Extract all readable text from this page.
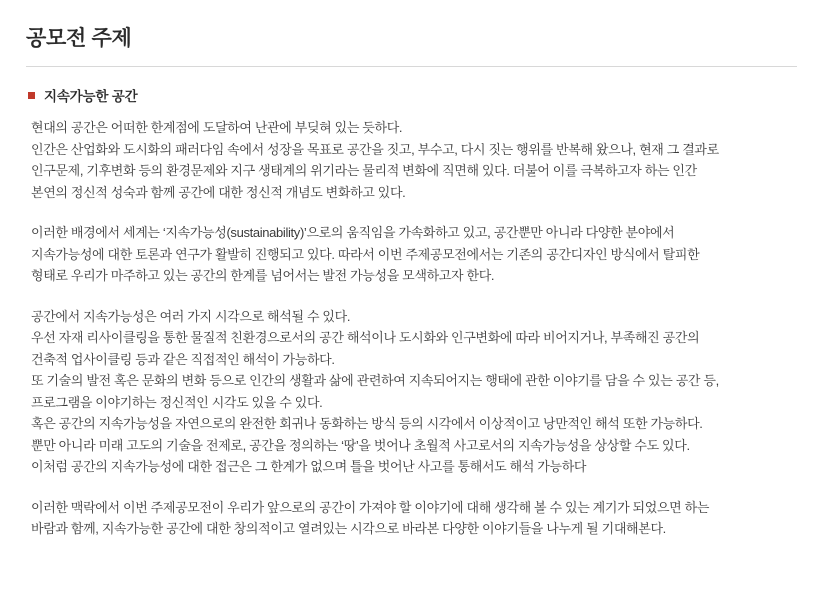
공모전 주제
지속가능한 공간
현대의 공간은 어떠한 한계점에 도달하여 난관에 부딪혀 있는 듯하다.
인간은 산업화와 도시화의 패러다임 속에서 성장을 목표로 공간을 짓고, 부수고, 다시 짓는 행위를 반복해 왔으나, 현재 그 결과로
인구문제, 기후변화 등의 환경문제와 지구 생태계의 위기라는 물리적 변화에 직면해 있다. 더불어 이를 극복하고자 하는 인간
본연의 정신적 성숙과 함께 공간에 대한 정신적 개념도 변화하고 있다.
이러한 배경에서 세계는 ‘지속가능성(sustainability)’으로의 움직임을 가속화하고 있고, 공간뿐만 아니라 다양한 분야에서
지속가능성에 대한 토론과 연구가 활발히 진행되고 있다. 따라서 이번 주제공모전에서는 기존의 공간디자인 방식에서 탈피한
형태로 우리가 마주하고 있는 공간의 한계를 넘어서는 발전 가능성을 모색하고자 한다.
공간에서 지속가능성은 여러 가지 시각으로 해석될 수 있다.
우선 자재 리사이클링을 통한 물질적 친환경으로서의 공간 해석이나 도시화와 인구변화에 따라 비어지거나, 부족해진 공간의
건축적 업사이클링 등과 같은 직접적인 해석이 가능하다.
또 기술의 발전 혹은 문화의 변화 등으로 인간의 생활과 삶에 관련하여 지속되어지는 행태에 관한 이야기를 담을 수 있는 공간 등,
프로그램을 이야기하는 정신적인 시각도 있을 수 있다.
혹은 공간의 지속가능성을 자연으로의 완전한 회귀나 동화하는 방식 등의 시각에서 이상적이고 낭만적인 해석 또한 가능하다.
뿐만 아니라 미래 고도의 기술을 전제로, 공간을 정의하는 ‘땅’을 벗어나 초월적 사고로서의 지속가능성을 상상할 수도 있다.
이처럼 공간의 지속가능성에 대한 접근은 그 한계가 없으며 틀을 벗어난 사고를 통해서도 해석 가능하다
이러한 맥락에서 이번 주제공모전이 우리가 앞으로의 공간이 가져야 할 이야기에 대해 생각해 볼 수 있는 계기가 되었으면 하는
바람과 함께, 지속가능한 공간에 대한 창의적이고 열려있는 시각으로 바라본 다양한 이야기들을 나누게 될 기대해본다.
